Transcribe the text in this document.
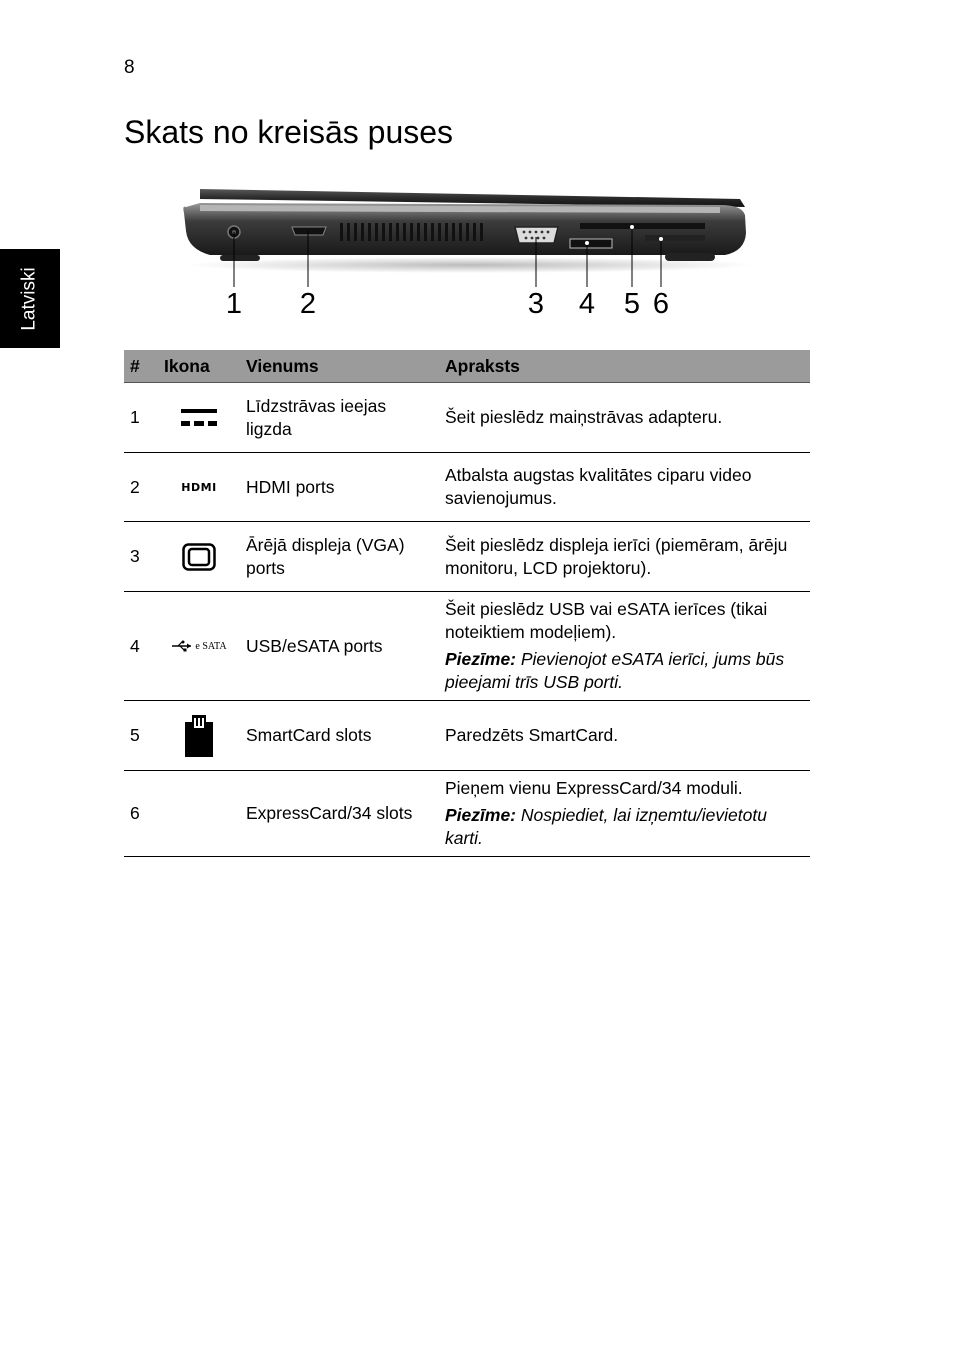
8
Latviski
Skats no kreisās puses
1 2	3 4 5 6
#	Ikona	Vienums	Apraksts
1		Līdzstrāvas ieejas ligzda	Šeit pieslēdz maiņstrāvas adapteru.
2	HDMI	HDMI ports	Atbalsta augstas kvalitātes ciparu video savienojumus.
3		Ārējā displeja (VGA) ports	Šeit pieslēdz displeja ierīci (piemēram, ārēju monitoru, LCD projektoru).
4	e SATA	USB/eSATA ports	Šeit pieslēdz USB vai eSATA ierīces (tikai noteiktiem modeļiem).

Piezīme: Pievienojot eSATA ierīci, jums būs pieejami trīs USB porti.

5		SmartCard slots	Paredzēts SmartCard.
6		ExpressCard/34 slots	Pieņem vienu ExpressCard/34 moduli.

Piezīme: Nospiediet, lai izņemtu/ievietotu karti.
